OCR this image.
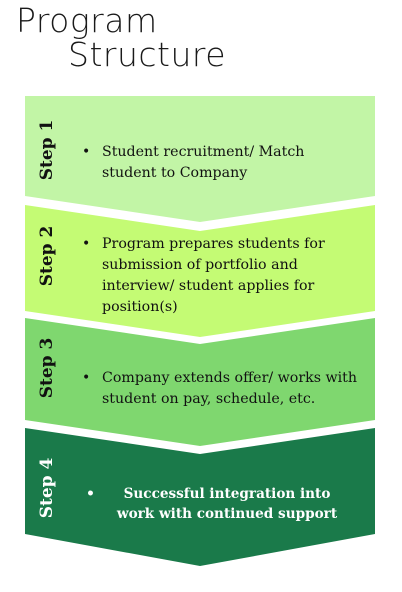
Program
Structure
Step 1 • Student recruitment/ Match student to Company
Step 2 • Program prepares students for submission of portfolio and interview/ student applies for position(s)
Step 3 • Company extends offer/ works with student on pay, schedule, etc.
Step 4 •	Successful integration into work with continued support
